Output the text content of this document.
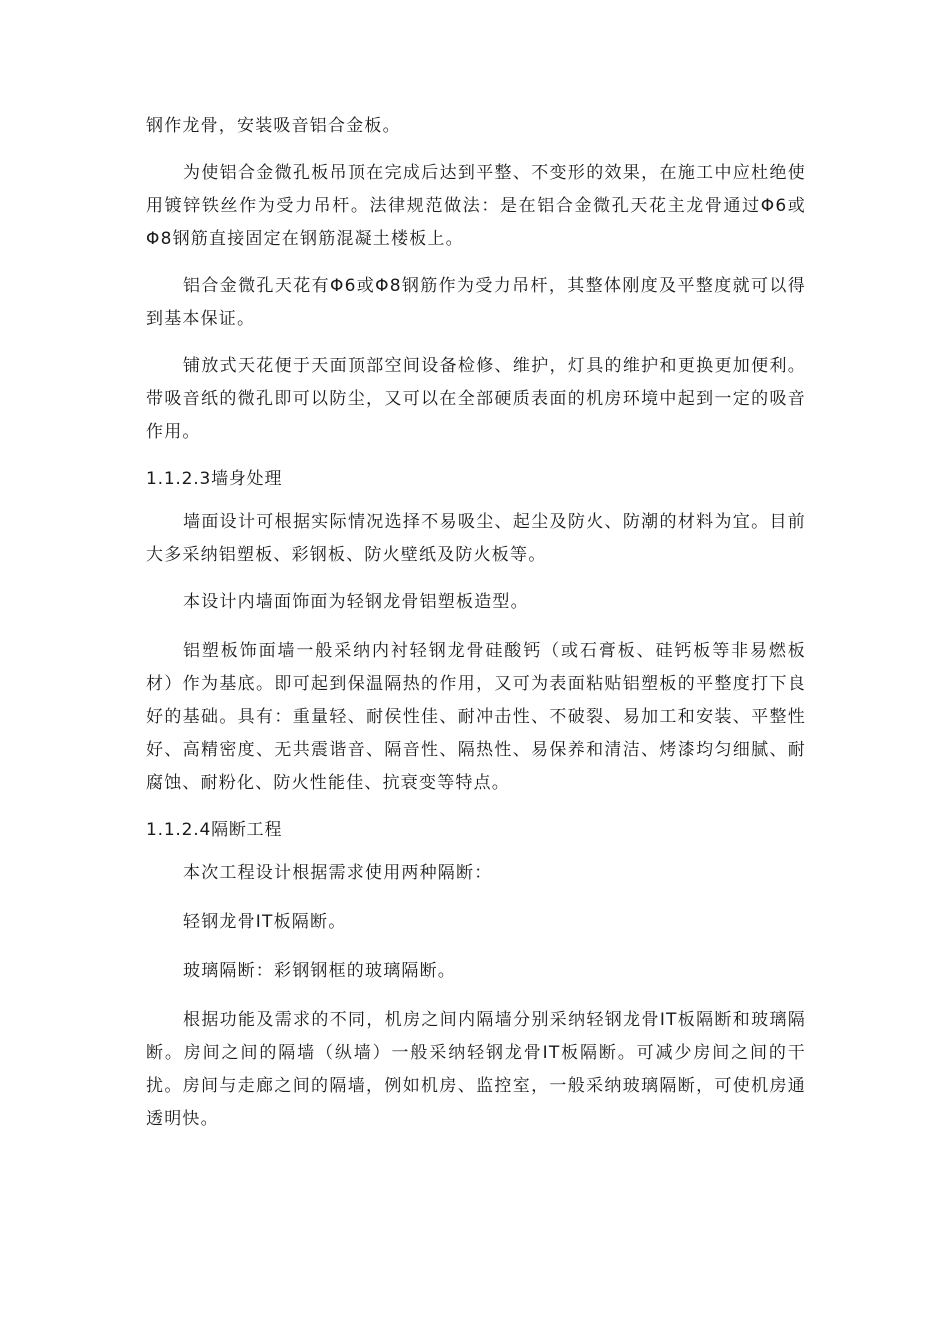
钢作龙骨，安装吸音铝合金板。

为使铝合金微孔板吊顶在完成后达到平整、不变形的效果，在施工中应杜绝使用镀锌铁丝作为受力吊杆。法律规范做法：是在铝合金微孔天花主龙骨通过Φ6或Φ8钢筋直接固定在钢筋混凝土楼板上。

铝合金微孔天花有Φ6或Φ8钢筋作为受力吊杆，其整体刚度及平整度就可以得到基本保证。

铺放式天花便于天面顶部空间设备检修、维护，灯具的维护和更换更加便利。带吸音纸的微孔即可以防尘，又可以在全部硬质表面的机房环境中起到一定的吸音作用。

1.1.2.3墙身处理

墙面设计可根据实际情况选择不易吸尘、起尘及防火、防潮的材料为宜。目前大多采纳铝塑板、彩钢板、防火壁纸及防火板等。

本设计内墙面饰面为轻钢龙骨铝塑板造型。

铝塑板饰面墙一般采纳内衬轻钢龙骨硅酸钙（或石膏板、硅钙板等非易燃板材）作为基底。即可起到保温隔热的作用，又可为表面粘贴铝塑板的平整度打下良好的基础。具有：重量轻、耐侯性佳、耐冲击性、不破裂、易加工和安装、平整性好、高精密度、无共震谐音、隔音性、隔热性、易保养和清洁、烤漆均匀细腻、耐腐蚀、耐粉化、防火性能佳、抗衰变等特点。

1.1.2.4隔断工程

本次工程设计根据需求使用两种隔断：

轻钢龙骨IT板隔断。

玻璃隔断：彩钢钢框的玻璃隔断。

根据功能及需求的不同，机房之间内隔墙分别采纳轻钢龙骨IT板隔断和玻璃隔断。房间之间的隔墙（纵墙）一般采纳轻钢龙骨IT板隔断。可减少房间之间的干扰。房间与走廊之间的隔墙，例如机房、监控室，一般采纳玻璃隔断，可使机房通透明快。
